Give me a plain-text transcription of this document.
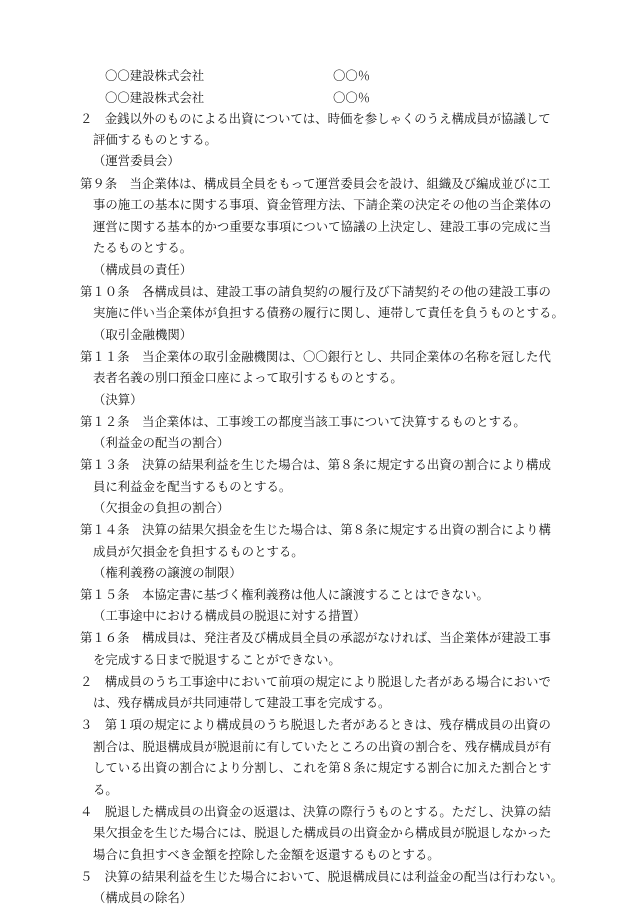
〇〇建設株式会社	〇〇％
〇〇建設株式会社	〇〇％
２　金銭以外のものによる出資については、時価を参しゃくのうえ構成員が協議して
評価するものとする。
（運営委員会）
第９条　当企業体は、構成員全員をもって運営委員会を設け、組織及び編成並びに工
事の施工の基本に関する事項、資金管理方法、下請企業の決定その他の当企業体の
運営に関する基本的かつ重要な事項について協議の上決定し、建設工事の完成に当
たるものとする。
（構成員の責任）
第１０条　各構成員は、建設工事の請負契約の履行及び下請契約その他の建設工事の
実施に伴い当企業体が負担する債務の履行に関し、連帯して責任を負うものとする。
（取引金融機関）
第１１条　当企業体の取引金融機関は、〇〇銀行とし、共同企業体の名称を冠した代
表者名義の別口預金口座によって取引するものとする。
（決算）
第１２条　当企業体は、工事竣工の都度当該工事について決算するものとする。
（利益金の配当の割合）
第１３条　決算の結果利益を生じた場合は、第８条に規定する出資の割合により構成
員に利益金を配当するものとする。
（欠損金の負担の割合）
第１４条　決算の結果欠損金を生じた場合は、第８条に規定する出資の割合により構
成員が欠損金を負担するものとする。
（権利義務の譲渡の制限）
第１５条　本協定書に基づく権利義務は他人に譲渡することはできない。
（工事途中における構成員の脱退に対する措置）
第１６条　構成員は、発注者及び構成員全員の承認がなければ、当企業体が建設工事
を完成する日まで脱退することができない。
２　構成員のうち工事途中において前項の規定により脱退した者がある場合においで
は、残存構成員が共同連帯して建設工事を完成する。
３　第１項の規定により構成員のうち脱退した者があるときは、残存構成員の出資の
割合は、脱退構成員が脱退前に有していたところの出資の割合を、残存構成員が有
している出資の割合により分割し、これを第８条に規定する割合に加えた割合とす
る。
４　脱退した構成員の出資金の返還は、決算の際行うものとする。ただし、決算の結
果欠損金を生じた場合には、脱退した構成員の出資金から構成員が脱退しなかった
場合に負担すべき金額を控除した金額を返還するものとする。
５　決算の結果利益を生じた場合において、脱退構成員には利益金の配当は行わない。
（構成員の除名）
